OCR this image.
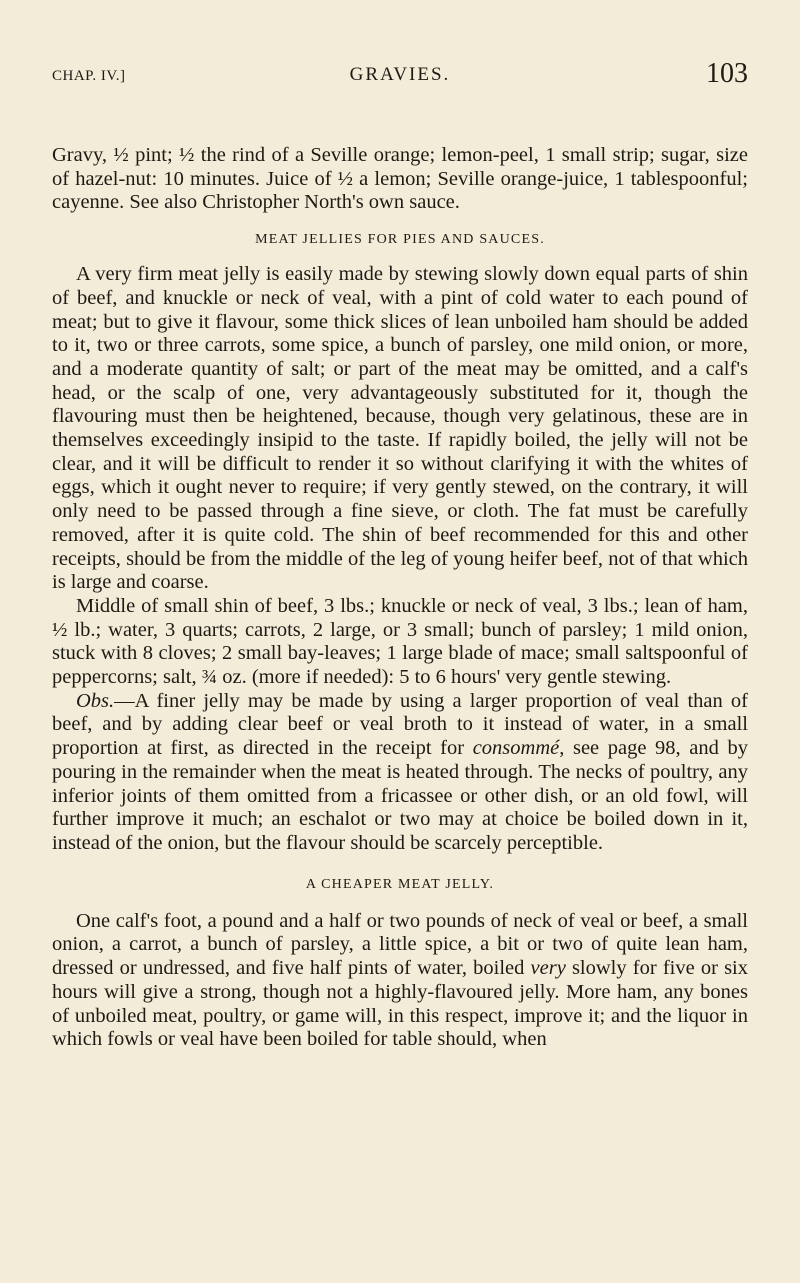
CHAP. IV.]	GRAVIES.	103

Gravy, ½ pint; ½ the rind of a Seville orange; lemon-peel, 1 small strip; sugar, size of hazel-nut: 10 minutes. Juice of ½ a lemon; Seville orange-juice, 1 tablespoonful; cayenne. See also Christopher North's own sauce.

MEAT JELLIES FOR PIES AND SAUCES.

A very firm meat jelly is easily made by stewing slowly down equal parts of shin of beef, and knuckle or neck of veal, with a pint of cold water to each pound of meat; but to give it flavour, some thick slices of lean unboiled ham should be added to it, two or three carrots, some spice, a bunch of parsley, one mild onion, or more, and a moderate quantity of salt; or part of the meat may be omitted, and a calf's head, or the scalp of one, very advantageously substituted for it, though the flavouring must then be heightened, because, though very gelatinous, these are in themselves exceedingly insipid to the taste. If rapidly boiled, the jelly will not be clear, and it will be difficult to render it so without clarifying it with the whites of eggs, which it ought never to require; if very gently stewed, on the contrary, it will only need to be passed through a fine sieve, or cloth. The fat must be carefully removed, after it is quite cold. The shin of beef recommended for this and other receipts, should be from the middle of the leg of young heifer beef, not of that which is large and coarse.

Middle of small shin of beef, 3 lbs.; knuckle or neck of veal, 3 lbs.; lean of ham, ½ lb.; water, 3 quarts; carrots, 2 large, or 3 small; bunch of parsley; 1 mild onion, stuck with 8 cloves; 2 small bay-leaves; 1 large blade of mace; small saltspoonful of peppercorns; salt, ¾ oz. (more if needed): 5 to 6 hours' very gentle stewing.

Obs.—A finer jelly may be made by using a larger proportion of veal than of beef, and by adding clear beef or veal broth to it instead of water, in a small proportion at first, as directed in the receipt for consommé, see page 98, and by pouring in the remainder when the meat is heated through. The necks of poultry, any inferior joints of them omitted from a fricassee or other dish, or an old fowl, will further improve it much; an eschalot or two may at choice be boiled down in it, instead of the onion, but the flavour should be scarcely perceptible.

A CHEAPER MEAT JELLY.

One calf's foot, a pound and a half or two pounds of neck of veal or beef, a small onion, a carrot, a bunch of parsley, a little spice, a bit or two of quite lean ham, dressed or undressed, and five half pints of water, boiled very slowly for five or six hours will give a strong, though not a highly-flavoured jelly. More ham, any bones of unboiled meat, poultry, or game will, in this respect, improve it; and the liquor in which fowls or veal have been boiled for table should, when
